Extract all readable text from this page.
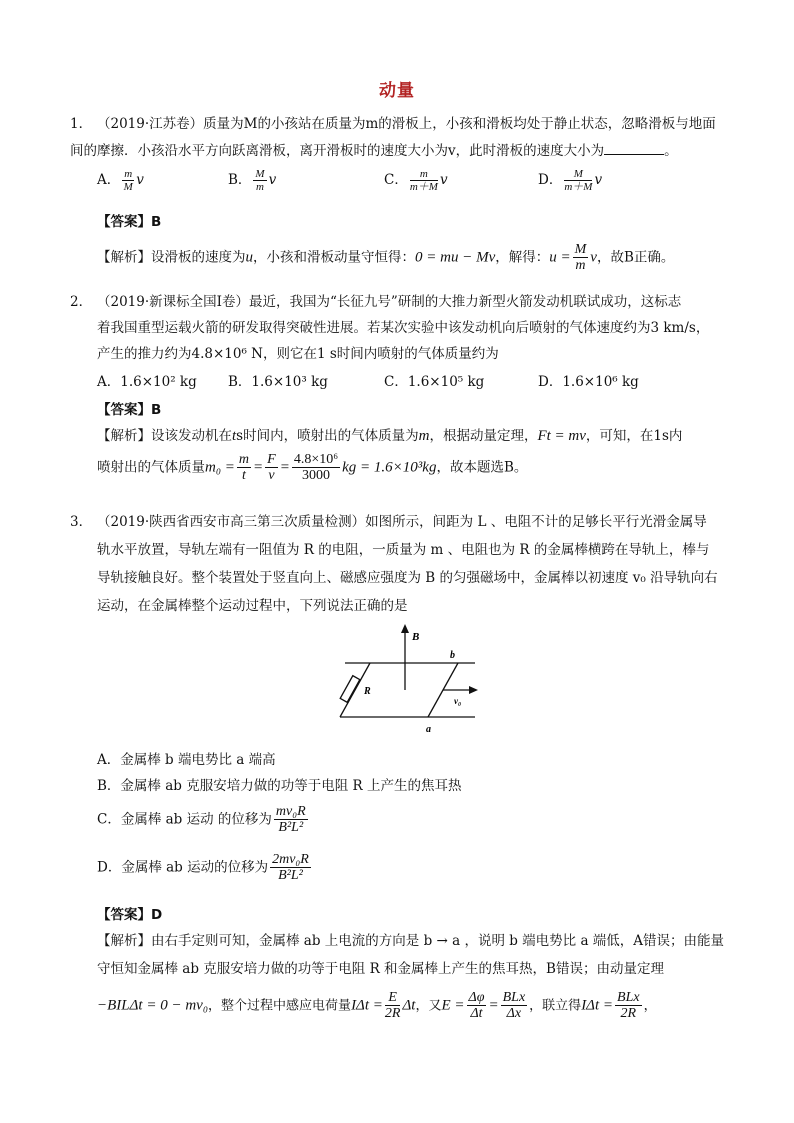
动量
1． （2019·江苏卷）质量为M的小孩站在质量为m的滑板上，小孩和滑板均处于静止状态，忽略滑板与地面
间的摩擦．小孩沿水平方向跃离滑板，离开滑板时的速度大小为v，此时滑板的速度大小为	。
A． $\frac{m}{M}$ v	B． $\frac{M}{m}$ v	C． $\frac{m}{m+M}$ v	D． $\frac{M}{m+M}$ v
【答案】B
【解析】设滑板的速度为u，小孩和滑板动量守恒得：0 = mu − Mv，解得：$u = \frac{M}{m}$ v，故B正确。
2． （2019·新课标全国Ⅰ卷）最近，我国为“长征九号”研制的大推力新型火箭发动机联试成功，这标志
着我国重型运载火箭的研发取得突破性进展。若某次实验中该发动机向后喷射的气体速度约为3 km/s，
产生的推力约为4.8×10⁶ N，则它在1 s时间内喷射的气体质量约为
A．1.6×10² kg B．1.6×10³ kg	C．1.6×10⁵ kg	D．1.6×10⁶ kg
【答案】B
【解析】设该发动机在ts时间内，喷射出的气体质量为m，根据动量定理，Ft = mv，可知，在1s内
喷射出的气体质量$m_0 = \frac{m}{t} = \frac{F}{v} = \frac{\text{4.8×10⁶}}{3000}$ kg = 1.6×10³kg，故本题选B。
3． （2019·陕西省西安市高三第三次质量检测）如图所示，间距为 L 、电阻不计的足够长平行光滑金属导
轨水平放置，导轨左端有一阻值为 R 的电阻，一质量为 m 、电阻也为 R 的金属棒横跨在导轨上，棒与
导轨接触良好。整个装置处于竖直向上、磁感应强度为 B 的匀强磁场中，金属棒以初速度 v₀ 沿导轨向右
运动，在金属棒整个运动过程中，下列说法正确的是
B
b
a
R
v₀
A．金属棒 b 端电势比 a 端高
B．金属棒 ab 克服安培力做的功等于电阻 R 上产生的焦耳热
C．金属棒 ab 运动 的位移为 $\frac{\text{mv₀R}}{\text{B²L²}}$
D．金属棒 ab 运动的位移为 $\frac{\text{2mv₀R}}{\text{B²L²}}$
【答案】D
【解析】由右手定则可知，金属棒 ab 上电流的方向是 b → a ，说明 b 端电势比 a 端低，A错误；由能量
守恒知金属棒 ab 克服安培力做的功等于电阻 R 和金属棒上产生的焦耳热，B错误；由动量定理
−BILΔt = 0 − mv₀，整个过程中感应电荷量$I\Delta t = \frac{E}{2R}$ Δt，又$E = \frac{\Delta\varphi}{\Delta t} = \frac{\text{BLx}}{\Delta x}$ ，联立得$I\Delta t = \frac{\text{BLx}}{2R}$ ，
